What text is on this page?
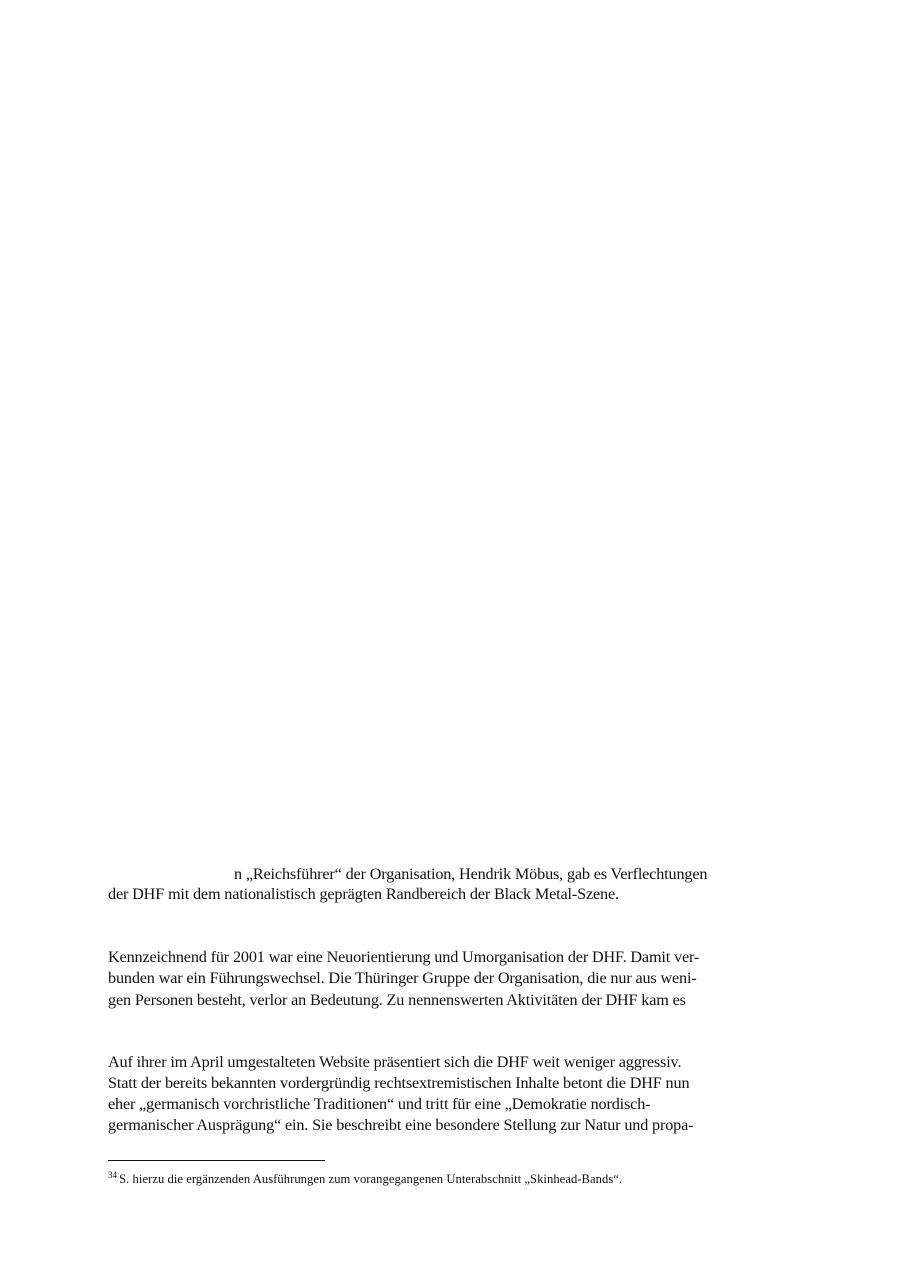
n „Reichsführer“ der Organisation, Hendrik Möbus, gab es Verflechtungen
der DHF mit dem nationalistisch geprägten Randbereich der Black Metal-Szene.
Kennzeichnend für 2001 war eine Neuorientierung und Umorganisation der DHF. Damit ver-
bunden war ein Führungswechsel. Die Thüringer Gruppe der Organisation, die nur aus weni-
gen Personen besteht, verlor an Bedeutung. Zu nennenswerten Aktivitäten der DHF kam es
Auf ihrer im April umgestalteten Website präsentiert sich die DHF weit weniger aggressiv.
Statt der bereits bekannten vordergründig rechtsextremistischen Inhalte betont die DHF nun
eher „germanisch vorchristliche Traditionen“ und tritt für eine „Demokratie nordisch-
germanischer Ausprägung“ ein. Sie beschreibt eine besondere Stellung zur Natur und propa-
$^{34}$ S. hierzu die ergänzenden Ausführungen zum vorangegangenen Unterabschnitt „Skinhead-Bands“.
